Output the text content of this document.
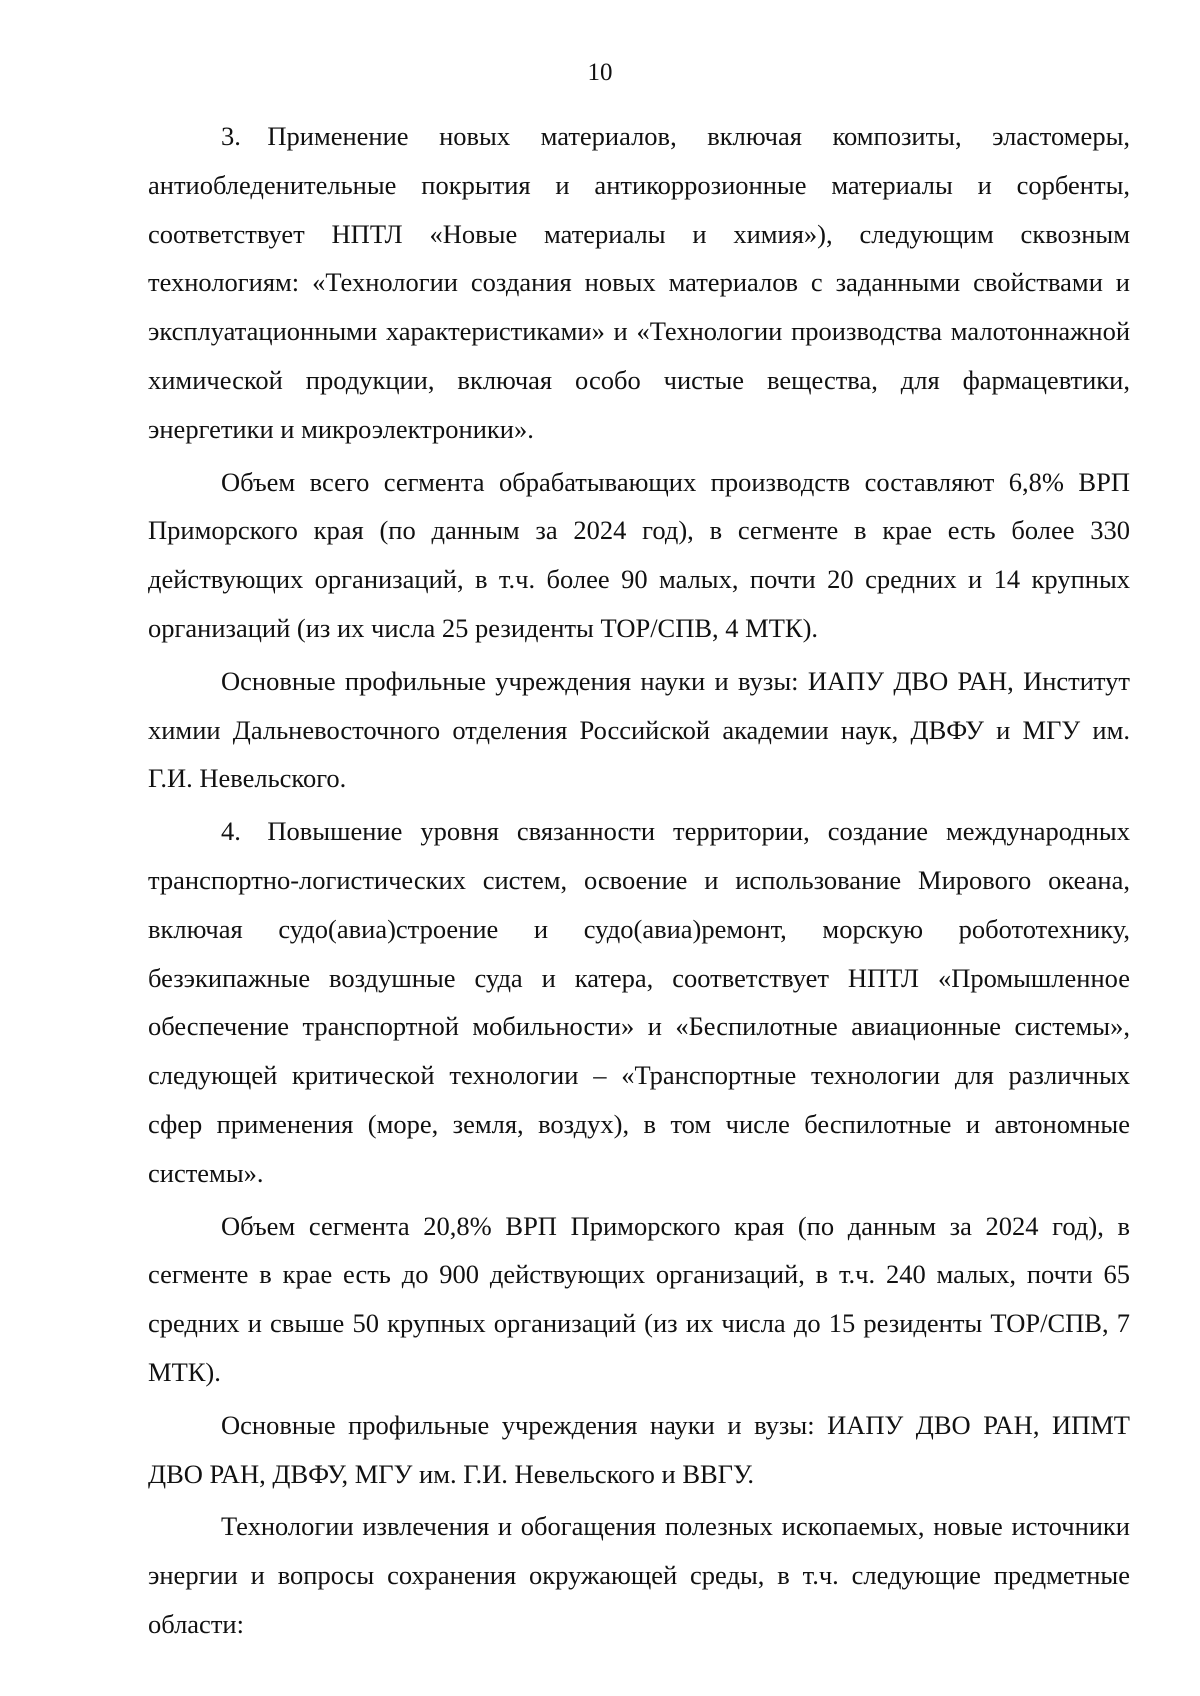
10

3. Применение новых материалов, включая композиты, эластомеры, антиобледенительные покрытия и антикоррозионные материалы и сорбенты, соответствует НПТЛ «Новые материалы и химия»), следующим сквозным технологиям: «Технологии создания новых материалов с заданными свойствами и эксплуатационными характеристиками» и «Технологии производства малотоннажной химической продукции, включая особо чистые вещества, для фармацевтики, энергетики и микроэлектроники».

Объем всего сегмента обрабатывающих производств составляют 6,8% ВРП Приморского края (по данным за 2024 год), в сегменте в крае есть более 330 действующих организаций, в т.ч. более 90 малых, почти 20 средних и 14 крупных организаций (из их числа 25 резиденты ТОР/СПВ, 4 МТК).

Основные профильные учреждения науки и вузы: ИАПУ ДВО РАН, Институт химии Дальневосточного отделения Российской академии наук, ДВФУ и МГУ им. Г.И. Невельского.

4. Повышение уровня связанности территории, создание международных транспортно-логистических систем, освоение и использование Мирового океана, включая судо(авиа)строение и судо(авиа)ремонт, морскую робототехнику, безэкипажные воздушные суда и катера, соответствует НПТЛ «Промышленное обеспечение транспортной мобильности» и «Беспилотные авиационные системы», следующей критической технологии – «Транспортные технологии для различных сфер применения (море, земля, воздух), в том числе беспилотные и автономные системы».

Объем сегмента 20,8% ВРП Приморского края (по данным за 2024 год), в сегменте в крае есть до 900 действующих организаций, в т.ч. 240 малых, почти 65 средних и свыше 50 крупных организаций (из их числа до 15 резиденты ТОР/СПВ, 7 МТК).

Основные профильные учреждения науки и вузы: ИАПУ ДВО РАН, ИПМТ ДВО РАН, ДВФУ, МГУ им. Г.И. Невельского и ВВГУ.

Технологии извлечения и обогащения полезных ископаемых, новые источники энергии и вопросы сохранения окружающей среды, в т.ч. следующие предметные области:
